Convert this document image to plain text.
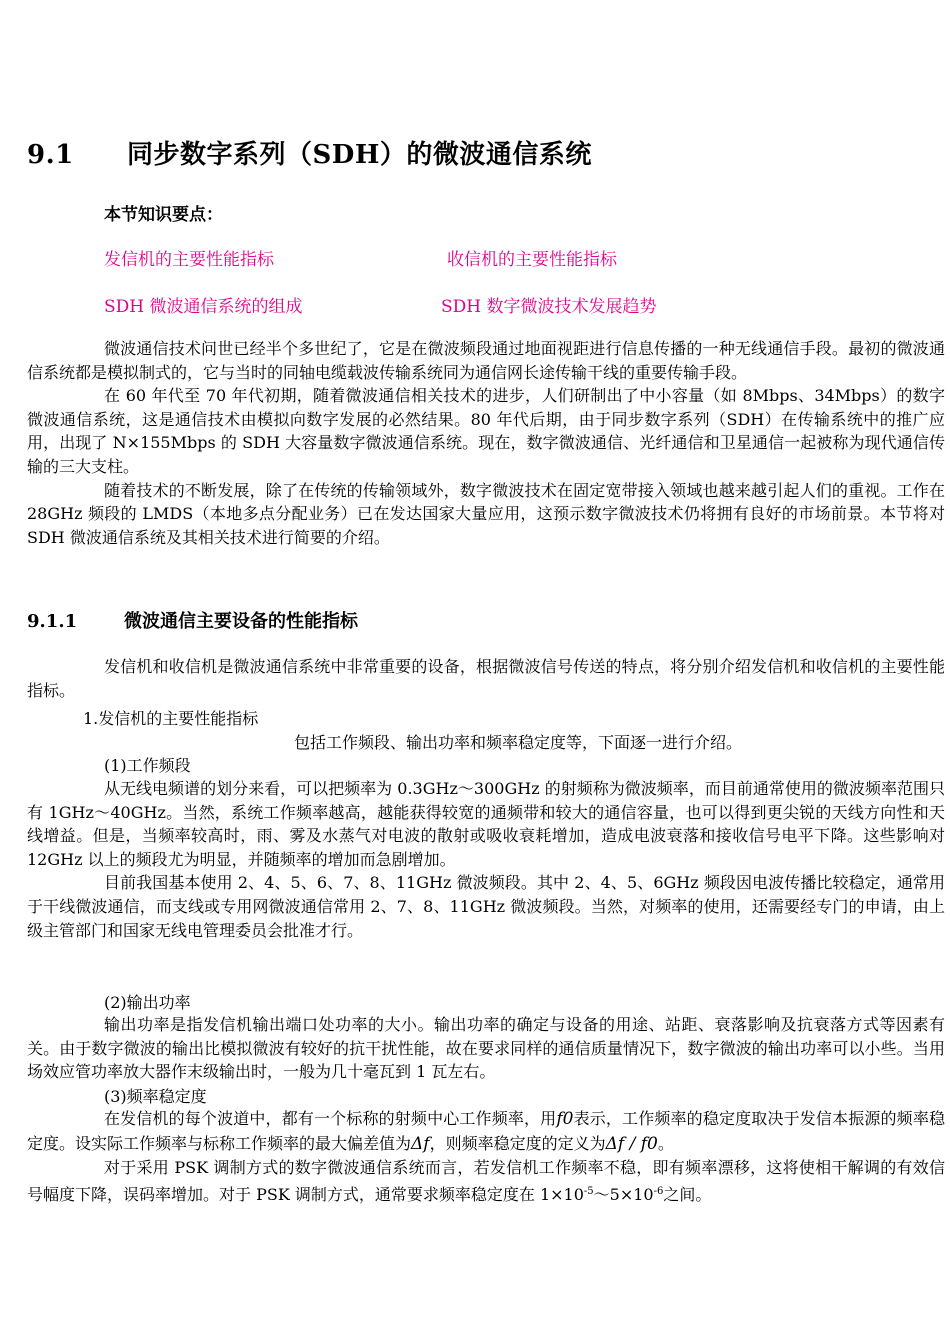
9.1 同步数字系列（SDH）的微波通信系统
本节知识要点：
发信机的主要性能指标	收信机的主要性能指标
SDH 微波通信系统的组成	SDH 数字微波技术发展趋势

微波通信技术问世已经半个多世纪了，它是在微波频段通过地面视距进行信息传播的一种无线通信手段。最初的微波通信系统都是模拟制式的，它与当时的同轴电缆载波传输系统同为通信网长途传输干线的重要传输手段。

在 60 年代至 70 年代初期，随着微波通信相关技术的进步，人们研制出了中小容量（如 8Mbps、34Mbps）的数字微波通信系统，这是通信技术由模拟向数字发展的必然结果。80 年代后期，由于同步数字系列（SDH）在传输系统中的推广应用，出现了 N×155Mbps 的 SDH 大容量数字微波通信系统。现在，数字微波通信、光纤通信和卫星通信一起被称为现代通信传输的三大支柱。

随着技术的不断发展，除了在传统的传输领域外，数字微波技术在固定宽带接入领域也越来越引起人们的重视。工作在 28GHz 频段的 LMDS（本地多点分配业务）已在发达国家大量应用，这预示数字微波技术仍将拥有良好的市场前景。本节将对 SDH 微波通信系统及其相关技术进行简要的介绍。

9.1.1	微波通信主要设备的性能指标

发信机和收信机是微波通信系统中非常重要的设备，根据微波信号传送的特点，将分别介绍发信机和收信机的主要性能指标。

1.发信机的主要性能指标
包括工作频段、输出功率和频率稳定度等，下面逐一进行介绍。
(1)工作频段

从无线电频谱的划分来看，可以把频率为 0.3GHz～300GHz 的射频称为微波频率，而目前通常使用的微波频率范围只有 1GHz～40GHz。当然，系统工作频率越高，越能获得较宽的通频带和较大的通信容量，也可以得到更尖锐的天线方向性和天线增益。但是，当频率较高时，雨、雾及水蒸气对电波的散射或吸收衰耗增加，造成电波衰落和接收信号电平下降。这些影响对 12GHz 以上的频段尤为明显，并随频率的增加而急剧增加。

目前我国基本使用 2、4、5、6、7、8、11GHz 微波频段。其中 2、4、5、6GHz 频段因电波传播比较稳定，通常用于干线微波通信，而支线或专用网微波通信常用 2、7、8、11GHz 微波频段。当然，对频率的使用，还需要经专门的申请，由上级主管部门和国家无线电管理委员会批准才行。

(2)输出功率

输出功率是指发信机输出端口处功率的大小。输出功率的确定与设备的用途、站距、衰落影响及抗衰落方式等因素有关。由于数字微波的输出比模拟微波有较好的抗干扰性能，故在要求同样的通信质量情况下，数字微波的输出功率可以小些。当用场效应管功率放大器作末级输出时，一般为几十毫瓦到 1 瓦左右。

(3)频率稳定度

在发信机的每个波道中，都有一个标称的射频中心工作频率，用f0表示，工作频率的稳定度取决于发信本振源的频率稳定度。设实际工作频率与标称工作频率的最大偏差值为Δf，则频率稳定度的定义为Δf / f0。

对于采用 PSK 调制方式的数字微波通信系统而言，若发信机工作频率不稳，即有频率漂移，这将使相干解调的有效信号幅度下降，误码率增加。对于 PSK 调制方式，通常要求频率稳定度在 $1\times 10^{-5}\sim 5\times 10^{-6}$之间。
